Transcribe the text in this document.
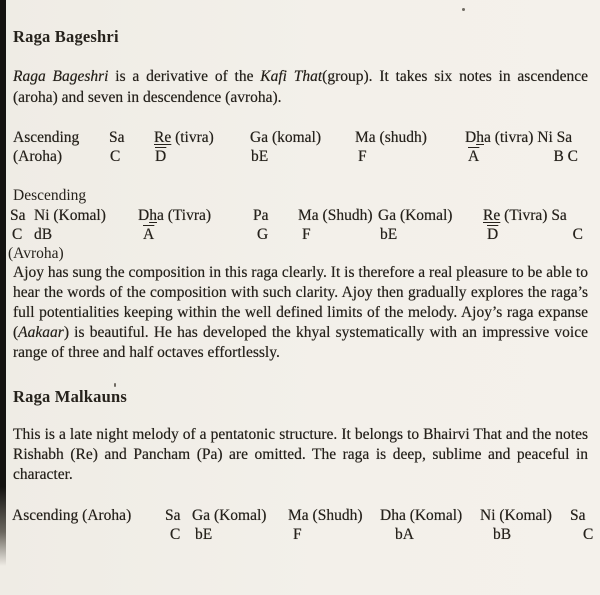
Raga Bageshri
Raga Bageshri is a derivative of the Kafi That(group). It takes six notes in ascendence (aroha) and seven in descendence (avroha).
Ascending
(Aroha)
Sa
C
Re (tivra)
$\overline{D}$
Ga (komal)
bE
Ma (shudh)
F
Dha (tivra) Ni Sa
$\overline{A}$	B C
Descending
Sa
C
Ni (Komal)
dB
Dha (Tivra)
$\overline{A}$
Pa
G
Ma (Shudh)
F
Ga (Komal)
bE
Re (Tivra) Sa
$\overline{D}$	C
(Avroha)
Ajoy has sung the composition in this raga clearly. It is therefore a real pleasure to be able to hear the words of the composition with such clarity. Ajoy then gradually explores the raga’s full potentialities keeping within the well defined limits of the melody. Ajoy’s raga expanse (Aakaar) is beautiful. He has developed the khyal systematically with an impressive voice range of three and half octaves effortlessly.
Raga Malkauns
This is a late night melody of a pentatonic structure. It belongs to Bhairvi That and the notes Rishabh (Re) and Pancham (Pa) are omitted. The raga is deep, sublime and peaceful in character.
Ascending (Aroha) Sa
C
Ga (Komal)
bE
Ma (Shudh)
F
Dha (Komal)
bA
Ni (Komal)
bB
Sa
C
